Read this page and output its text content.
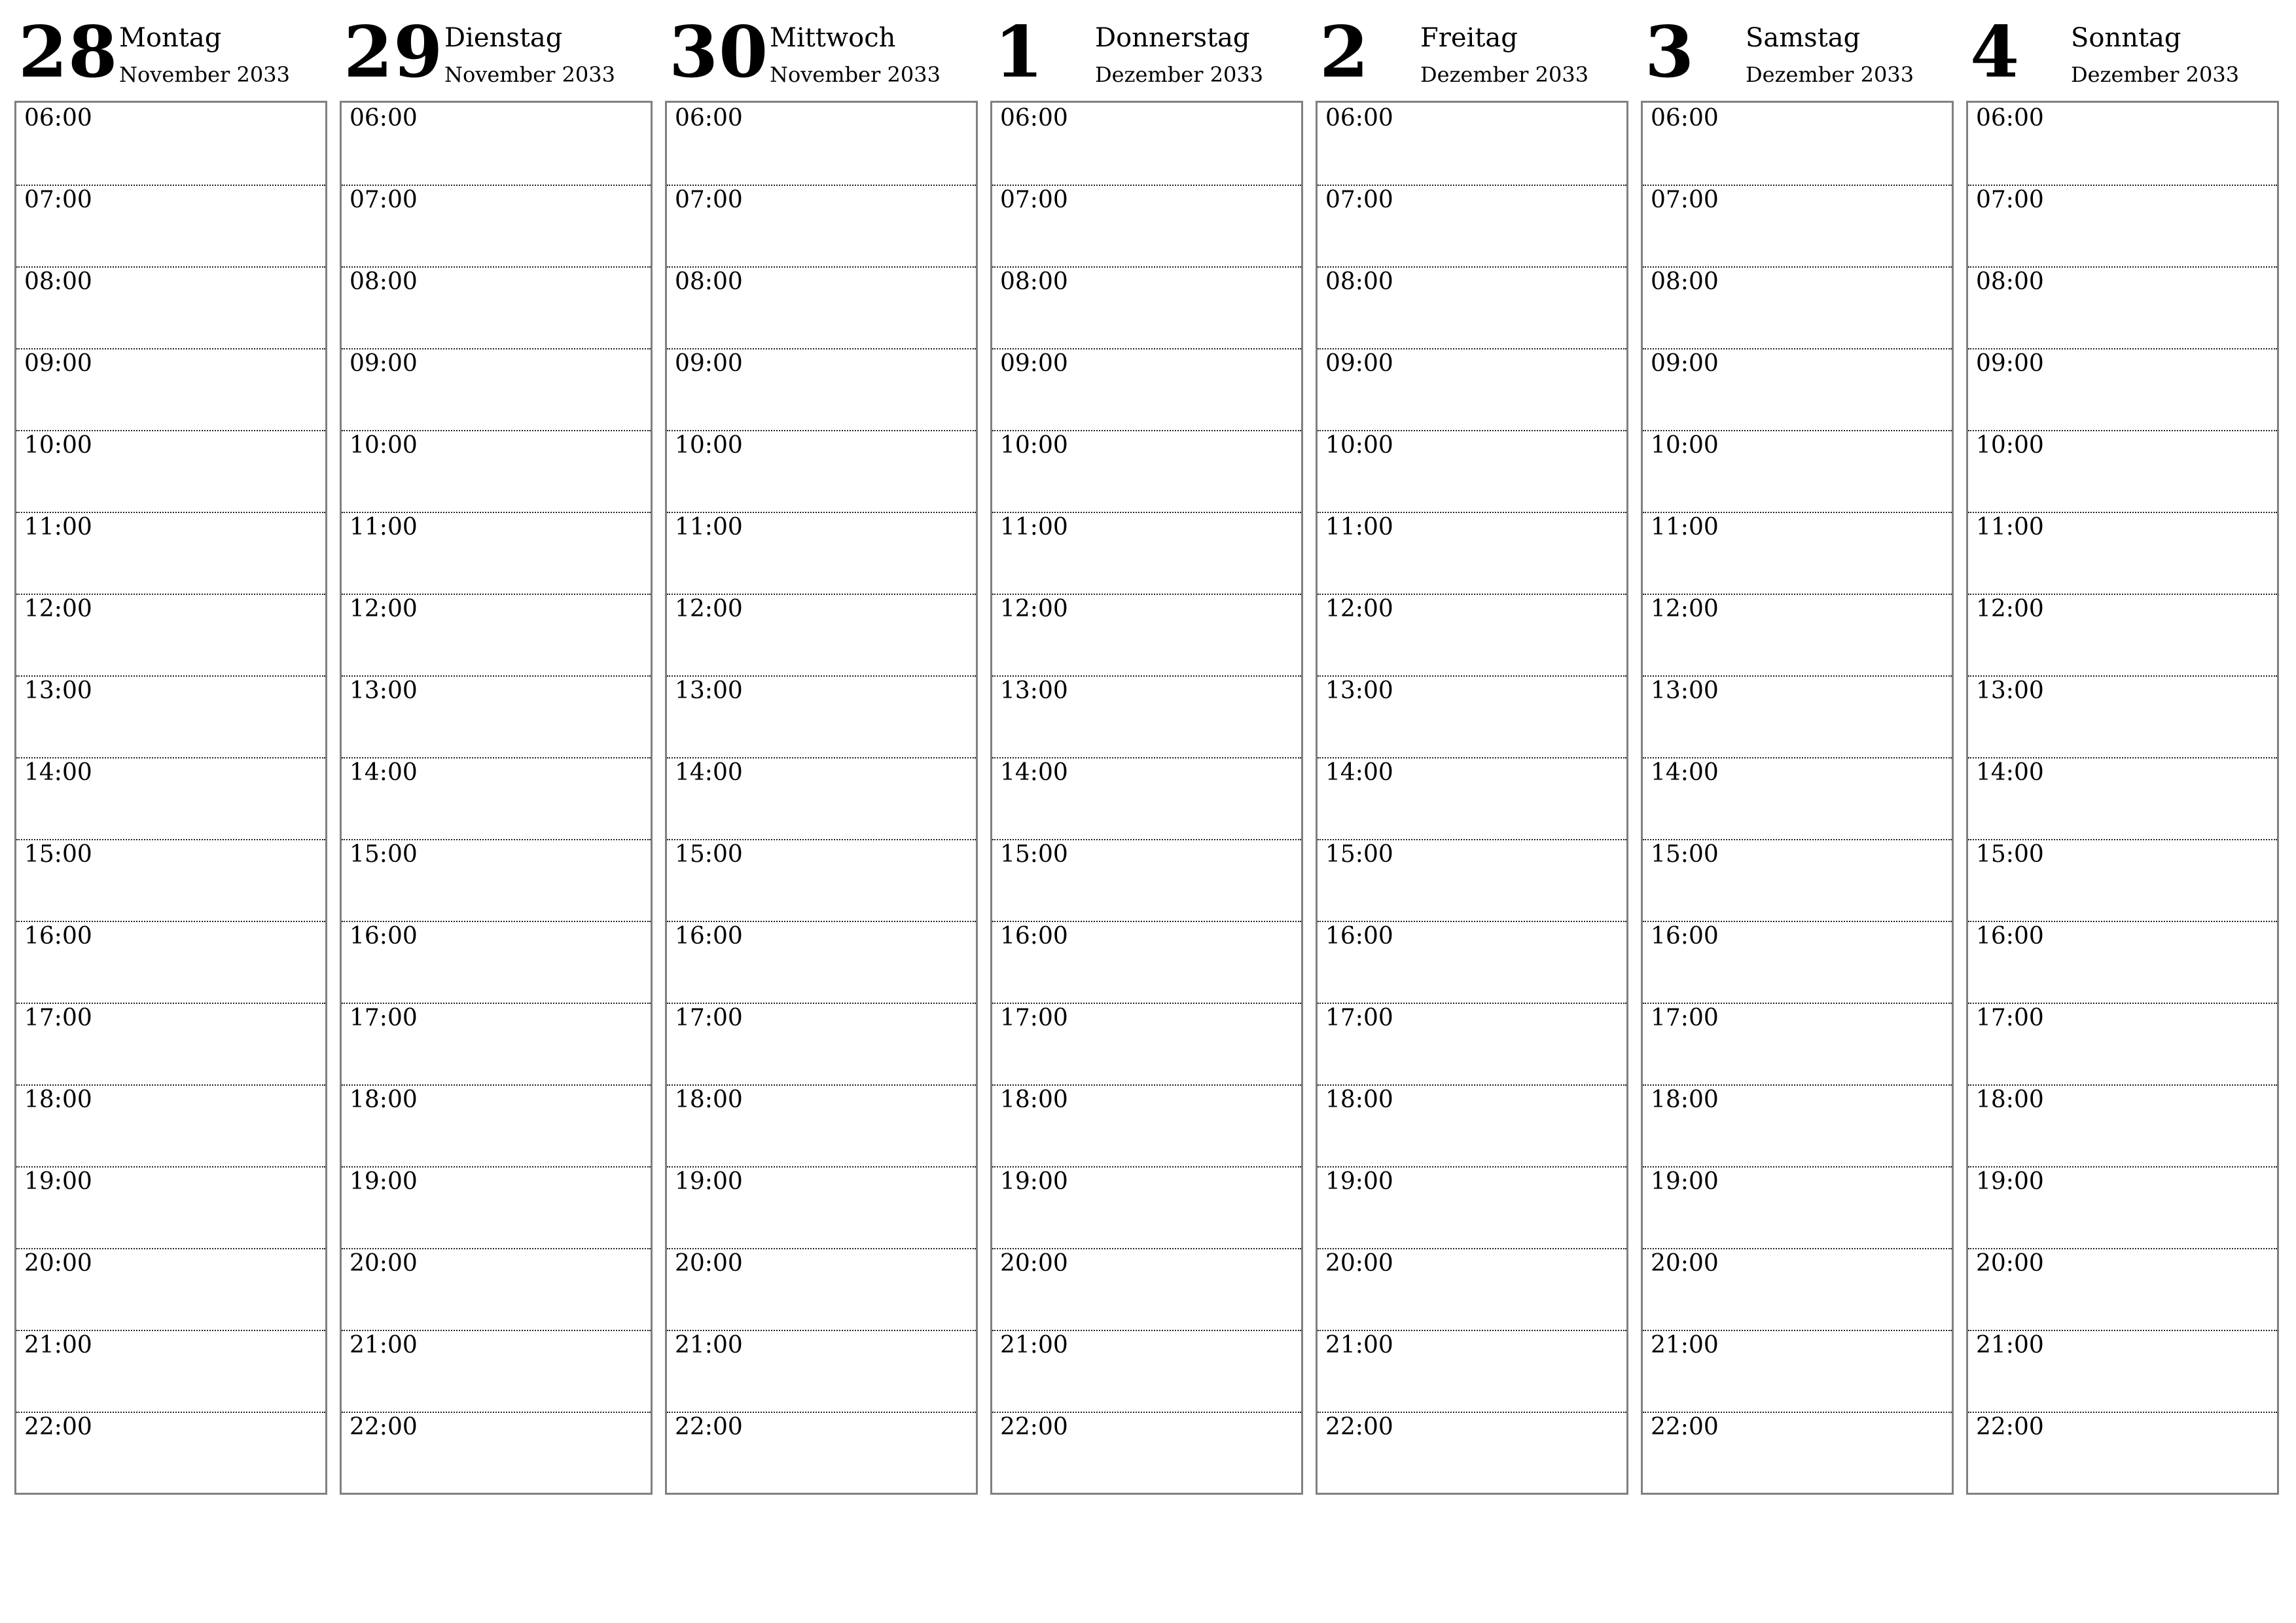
28 Montag
November 2033
06:00
07:00
08:00
09:00
10:00
11:00
12:00
13:00
14:00
15:00
16:00
17:00
18:00
19:00
20:00
21:00
22:00
29 Dienstag
November 2033
06:00
07:00
08:00
09:00
10:00
11:00
12:00
13:00
14:00
15:00
16:00
17:00
18:00
19:00
20:00
21:00
22:00
30 Mittwoch
November 2033
06:00
07:00
08:00
09:00
10:00
11:00
12:00
13:00
14:00
15:00
16:00
17:00
18:00
19:00
20:00
21:00
22:00
1 Donnerstag
Dezember 2033
06:00
07:00
08:00
09:00
10:00
11:00
12:00
13:00
14:00
15:00
16:00
17:00
18:00
19:00
20:00
21:00
22:00
2 Freitag
Dezember 2033
06:00
07:00
08:00
09:00
10:00
11:00
12:00
13:00
14:00
15:00
16:00
17:00
18:00
19:00
20:00
21:00
22:00
3 Samstag
Dezember 2033
06:00
07:00
08:00
09:00
10:00
11:00
12:00
13:00
14:00
15:00
16:00
17:00
18:00
19:00
20:00
21:00
22:00
4 Sonntag
Dezember 2033
06:00
07:00
08:00
09:00
10:00
11:00
12:00
13:00
14:00
15:00
16:00
17:00
18:00
19:00
20:00
21:00
22:00
